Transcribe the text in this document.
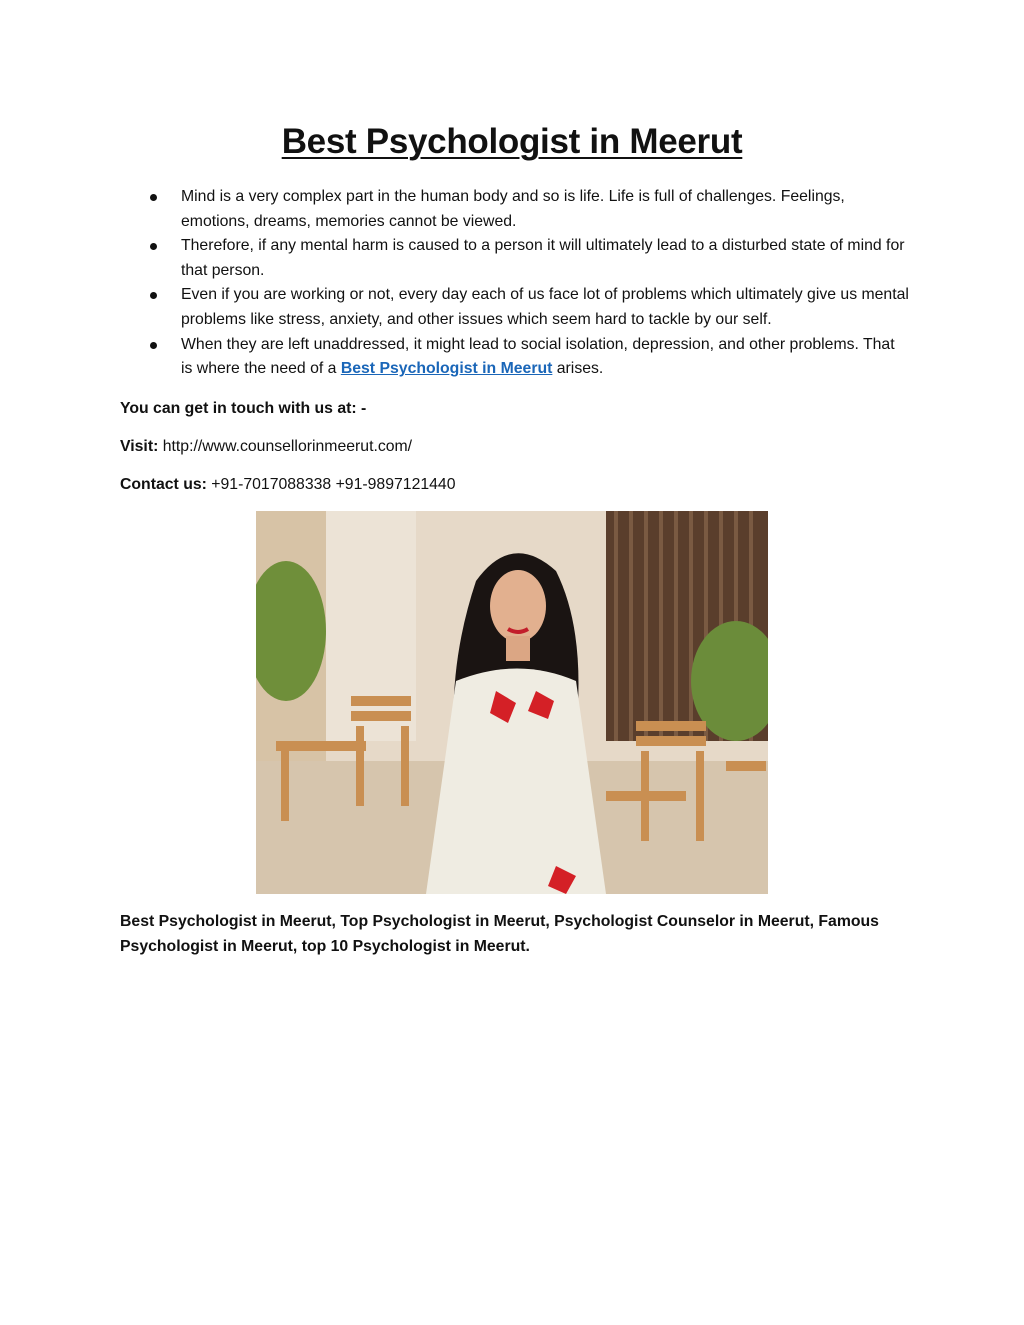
Best Psychologist in Meerut
Mind is a very complex part in the human body and so is life. Life is full of challenges. Feelings, emotions, dreams, memories cannot be viewed.
Therefore, if any mental harm is caused to a person it will ultimately lead to a disturbed state of mind for that person.
Even if you are working or not, every day each of us face lot of problems which ultimately give us mental problems like stress, anxiety, and other issues which seem hard to tackle by our self.
When they are left unaddressed, it might lead to social isolation, depression, and other problems. That is where the need of a Best Psychologist in Meerut arises.
You can get in touch with us at: -
Visit: http://www.counsellorinmeerut.com/
Contact us: +91-7017088338 +91-9897121440
Best Psychologist in Meerut, Top Psychologist in Meerut, Psychologist Counselor in Meerut, Famous Psychologist in Meerut, top 10 Psychologist in Meerut.
